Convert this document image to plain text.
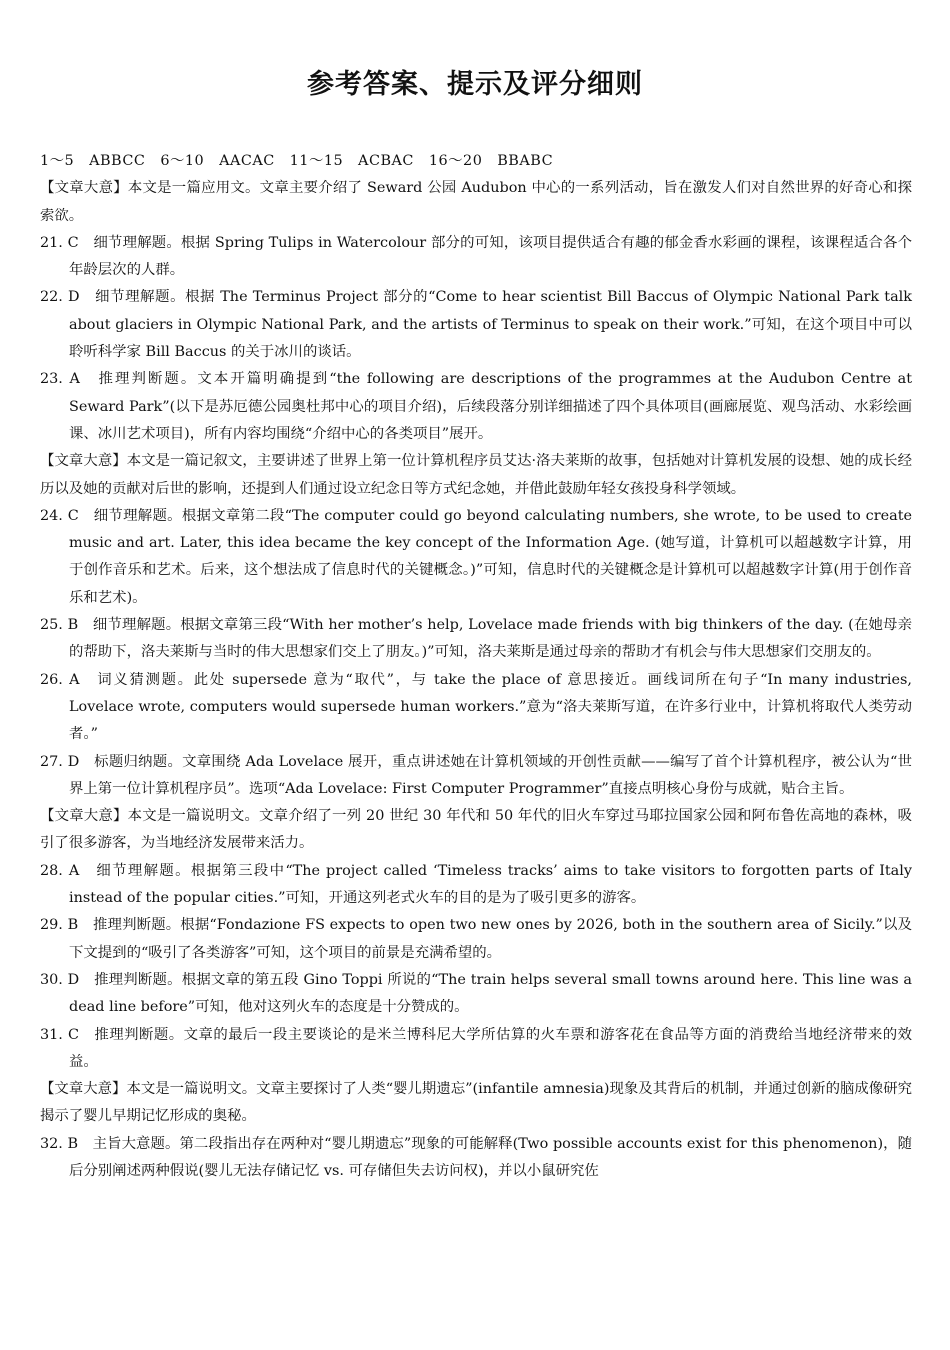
参考答案、提示及评分细则

1～5　ABBCC　6～10　AACAC　11～15　ACBAC　16～20　BBABC

【文章大意】本文是一篇应用文。文章主要介绍了 Seward 公园 Audubon 中心的一系列活动，旨在激发人们对自然世界的好奇心和探索欲。

21. C　细节理解题。根据 Spring Tulips in Watercolour 部分的可知，该项目提供适合有趣的郁金香水彩画的课程，该课程适合各个年龄层次的人群。

22. D　细节理解题。根据 The Terminus Project 部分的“Come to hear scientist Bill Baccus of Olympic National Park talk about glaciers in Olympic National Park, and the artists of Terminus to speak on their work.”可知，在这个项目中可以聆听科学家 Bill Baccus 的关于冰川的谈话。

23. A　推理判断题。文本开篇明确提到“the following are descriptions of the programmes at the Audubon Centre at Seward Park”(以下是苏厄德公园奥杜邦中心的项目介绍)，后续段落分别详细描述了四个具体项目(画廊展览、观鸟活动、水彩绘画课、冰川艺术项目)，所有内容均围绕“介绍中心的各类项目”展开。

【文章大意】本文是一篇记叙文，主要讲述了世界上第一位计算机程序员艾达·洛夫莱斯的故事，包括她对计算机发展的设想、她的成长经历以及她的贡献对后世的影响，还提到人们通过设立纪念日等方式纪念她，并借此鼓励年轻女孩投身科学领域。

24. C　细节理解题。根据文章第二段“The computer could go beyond calculating numbers, she wrote, to be used to create music and art. Later, this idea became the key concept of the Information Age. (她写道，计算机可以超越数字计算，用于创作音乐和艺术。后来，这个想法成了信息时代的关键概念。)”可知，信息时代的关键概念是计算机可以超越数字计算(用于创作音乐和艺术)。

25. B　细节理解题。根据文章第三段“With her mother’s help, Lovelace made friends with big thinkers of the day. (在她母亲的帮助下，洛夫莱斯与当时的伟大思想家们交上了朋友。)”可知，洛夫莱斯是通过母亲的帮助才有机会与伟大思想家们交朋友的。

26. A　词义猜测题。此处 supersede 意为“取代”，与 take the place of 意思接近。画线词所在句子“In many industries, Lovelace wrote, computers would supersede human workers.”意为“洛夫莱斯写道，在许多行业中，计算机将取代人类劳动者。”

27. D　标题归纳题。文章围绕 Ada Lovelace 展开，重点讲述她在计算机领域的开创性贡献——编写了首个计算机程序，被公认为“世界上第一位计算机程序员”。选项“Ada Lovelace: First Computer Programmer”直接点明核心身份与成就，贴合主旨。

【文章大意】本文是一篇说明文。文章介绍了一列 20 世纪 30 年代和 50 年代的旧火车穿过马耶拉国家公园和阿布鲁佐高地的森林，吸引了很多游客，为当地经济发展带来活力。

28. A　细节理解题。根据第三段中“The project called ‘Timeless tracks’ aims to take visitors to forgotten parts of Italy instead of the popular cities.”可知，开通这列老式火车的目的是为了吸引更多的游客。

29. B　推理判断题。根据“Fondazione FS expects to open two new ones by 2026, both in the southern area of Sicily.”以及下文提到的“吸引了各类游客”可知，这个项目的前景是充满希望的。

30. D　推理判断题。根据文章的第五段 Gino Toppi 所说的“The train helps several small towns around here. This line was a dead line before”可知，他对这列火车的态度是十分赞成的。

31. C　推理判断题。文章的最后一段主要谈论的是米兰博科尼大学所估算的火车票和游客花在食品等方面的消费给当地经济带来的效益。

【文章大意】本文是一篇说明文。文章主要探讨了人类“婴儿期遗忘”(infantile amnesia)现象及其背后的机制，并通过创新的脑成像研究揭示了婴儿早期记忆形成的奥秘。

32. B　主旨大意题。第二段指出存在两种对“婴儿期遗忘”现象的可能解释(Two possible accounts exist for this phenomenon)，随后分别阐述两种假说(婴儿无法存储记忆 vs. 可存储但失去访问权)，并以小鼠研究佐
